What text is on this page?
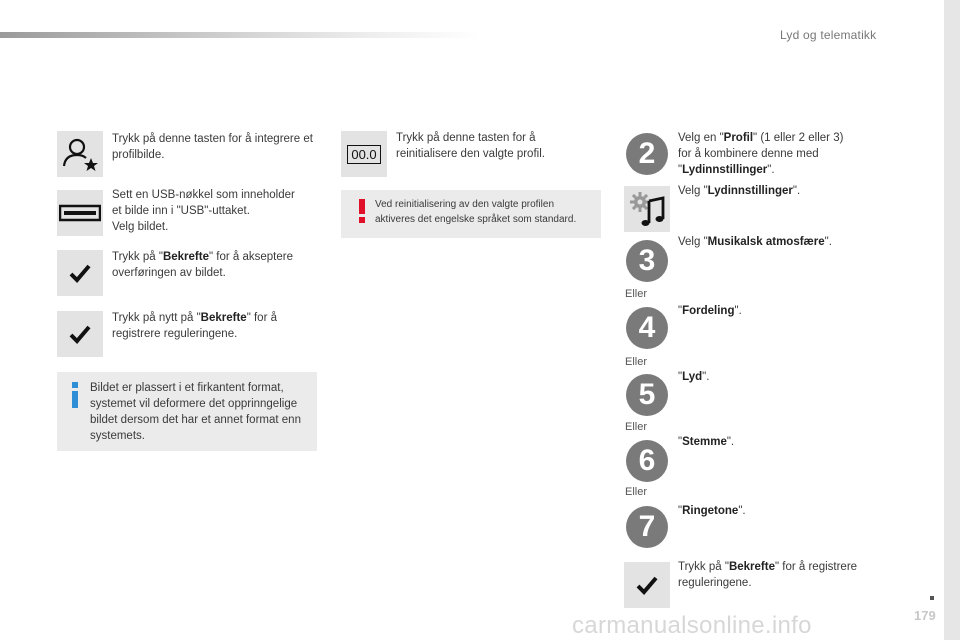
Lyd og telematikk
Trykk på denne tasten for å integrere et profilbilde.
Sett en USB-nøkkel som inneholder
et bilde inn i "USB"-uttaket.
Velg bildet.
Trykk på "Bekrefte" for å akseptere overføringen av bildet.
Trykk på nytt på "Bekrefte" for å registrere reguleringene.
Bildet er plassert i et firkantent format, systemet vil deformere det opprinngelige bildet dersom det har et annet format enn systemets.
00.0
Trykk på denne tasten for å reinitialisere den valgte profil.
Ved reinitialisering av den valgte profilen aktiveres det engelske språket som standard.
2	Velg en "Profil" (1 eller 2 eller 3) for å kombinere denne med "Lydinnstillinger".
Velg "Lydinnstillinger".
3
Velg "Musikalsk atmosfære".
Eller
4	"Fordeling".
Eller
5
"Lyd".
Eller
6
"Stemme".
Eller
7	"Ringetone".
Trykk på "Bekrefte" for å registrere reguleringene.
carmanualsonline.info	179
